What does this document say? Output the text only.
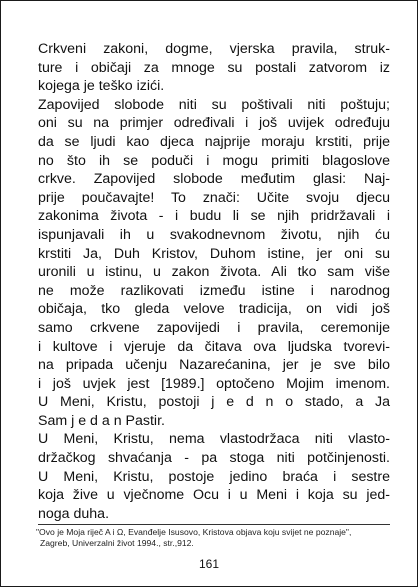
Crkveni zakoni, dogme, vjerska pravila, struk-
ture i običaji za mnoge su postali zatvorom iz
kojega je teško izići.
Zapovijed slobode niti su poštivali niti poštuju;
oni su na primjer određivali i još uvijek određuju
da se ljudi kao djeca najprije moraju krstiti, prije
no što ih se poduči i mogu primiti blagoslove
crkve. Zapovijed slobode međutim glasi: Naj-
prije poučavajte! To znači: Učite svoju djecu
zakonima života - i budu li se njih pridržavali i
ispunjavali ih u svakodnevnom životu, njih ću
krstiti Ja, Duh Kristov, Duhom istine, jer oni su
uronili u istinu, u zakon života. Ali tko sam više
ne može razlikovati između istine i narodnog
običaja, tko gleda velove tradicija, on vidi još
samo crkvene zapovijedi i pravila, ceremonije
i kultove i vjeruje da čitava ova ljudska tvorevi-
na pripada učenju Nazarećanina, jer je sve bilo
i još uvjek jest [1989.] optočeno Mojim imenom.
U Meni, Kristu, postoji j e d n o stado, a Ja
Sam j e d a n Pastir.
U Meni, Kristu, nema vlastodržaca niti vlasto-
držačkog shvaćanja - pa stoga niti potčinjenosti.
U Meni, Kristu, postoje jedino braća i sestre
koja žive u vječnome Ocu i u Meni i koja su jed-
noga duha.
"Ovo je Moja riječ A i Ω, Evanđelje Isusovo, Kristova objava koju svijet ne poznaje",
Zagreb, Univerzalni život 1994., str.,912.
161
